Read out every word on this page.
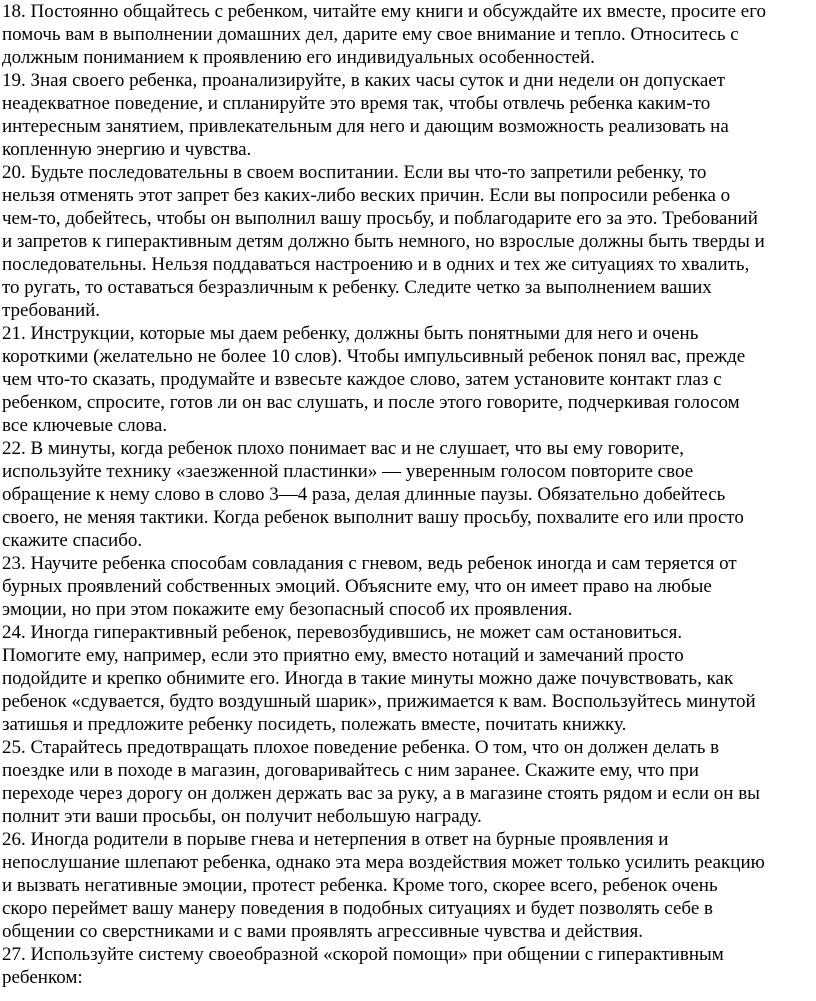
18. Постоянно общайтесь с ребенком, читайте ему книги и обсуждайте их вместе, просите его
помочь вам в выполнении домашних дел, дарите ему свое внимание и тепло. Относитесь с
должным пониманием к проявлению его индивидуальных особенностей.
19. Зная своего ребенка, проанализируйте, в каких часы суток и дни недели он допускает
неадекватное поведение, и спланируйте это время так, чтобы отвлечь ребенка каким-то
интересным занятием, привлекательным для него и дающим возможность реализовать на
копленную энергию и чувства.
20. Будьте последовательны в своем воспитании. Если вы что-то запретили ребенку, то
нельзя отменять этот запрет без каких-либо веских причин. Если вы попросили ребенка о
чем-то, добейтесь, чтобы он выполнил вашу просьбу, и поблагодарите его за это. Требований
и запретов к гиперактивным детям должно быть немного, но взрослые должны быть тверды и
последовательны. Нельзя поддаваться настроению и в одних и тех же ситуациях то хвалить,
то ругать, то оставаться безразличным к ребенку. Следите четко за выполнением ваших
требований.
21. Инструкции, которые мы даем ребенку, должны быть понятными для него и очень
короткими (желательно не более 10 слов). Чтобы импульсивный ребенок понял вас, прежде
чем что-то сказать, продумайте и взвесьте каждое слово, затем установите контакт глаз с
ребенком, спросите, готов ли он вас слушать, и после этого говорите, подчеркивая голосом
все ключевые слова.
22. В минуты, когда ребенок плохо понимает вас и не слушает, что вы ему говорите,
используйте технику «заезженной пластинки» — уверенным голосом повторите свое
обращение к нему слово в слово 3—4 раза, делая длинные паузы. Обязательно добейтесь
своего, не меняя тактики. Когда ребенок выполнит вашу просьбу, похвалите его или просто
скажите спасибо.
23. Научите ребенка способам совладания с гневом, ведь ребенок иногда и сам теряется от
бурных проявлений собственных эмоций. Объясните ему, что он имеет право на любые
эмоции, но при этом покажите ему безопасный способ их проявления.
24. Иногда гиперактивный ребенок, перевозбудившись, не может сам остановиться.
Помогите ему, например, если это приятно ему, вместо нотаций и замечаний просто
подойдите и крепко обнимите его. Иногда в такие минуты можно даже почувствовать, как
ребенок «сдувается, будто воздушный шарик», прижимается к вам. Воспользуйтесь минутой
затишья и предложите ребенку посидеть, полежать вместе, почитать книжку.
25. Старайтесь предотвращать плохое поведение ребенка. О том, что он должен делать в
поездке или в походе в магазин, договаривайтесь с ним заранее. Скажите ему, что при
переходе через дорогу он должен держать вас за руку, а в магазине стоять рядом и если он вы
полнит эти ваши просьбы, он получит небольшую награду.
26. Иногда родители в порыве гнева и нетерпения в ответ на бурные проявления и
непослушание шлепают ребенка, однако эта мера воздействия может только усилить реакцию
и вызвать негативные эмоции, протест ребенка. Кроме того, скорее всего, ребенок очень
скоро переймет вашу манеру поведения в подобных ситуациях и будет позволять себе в
общении со сверстниками и с вами проявлять агрессивные чувства и действия.
27. Используйте систему своеобразной «скорой помощи» при общении с гиперактивным
ребенком:
